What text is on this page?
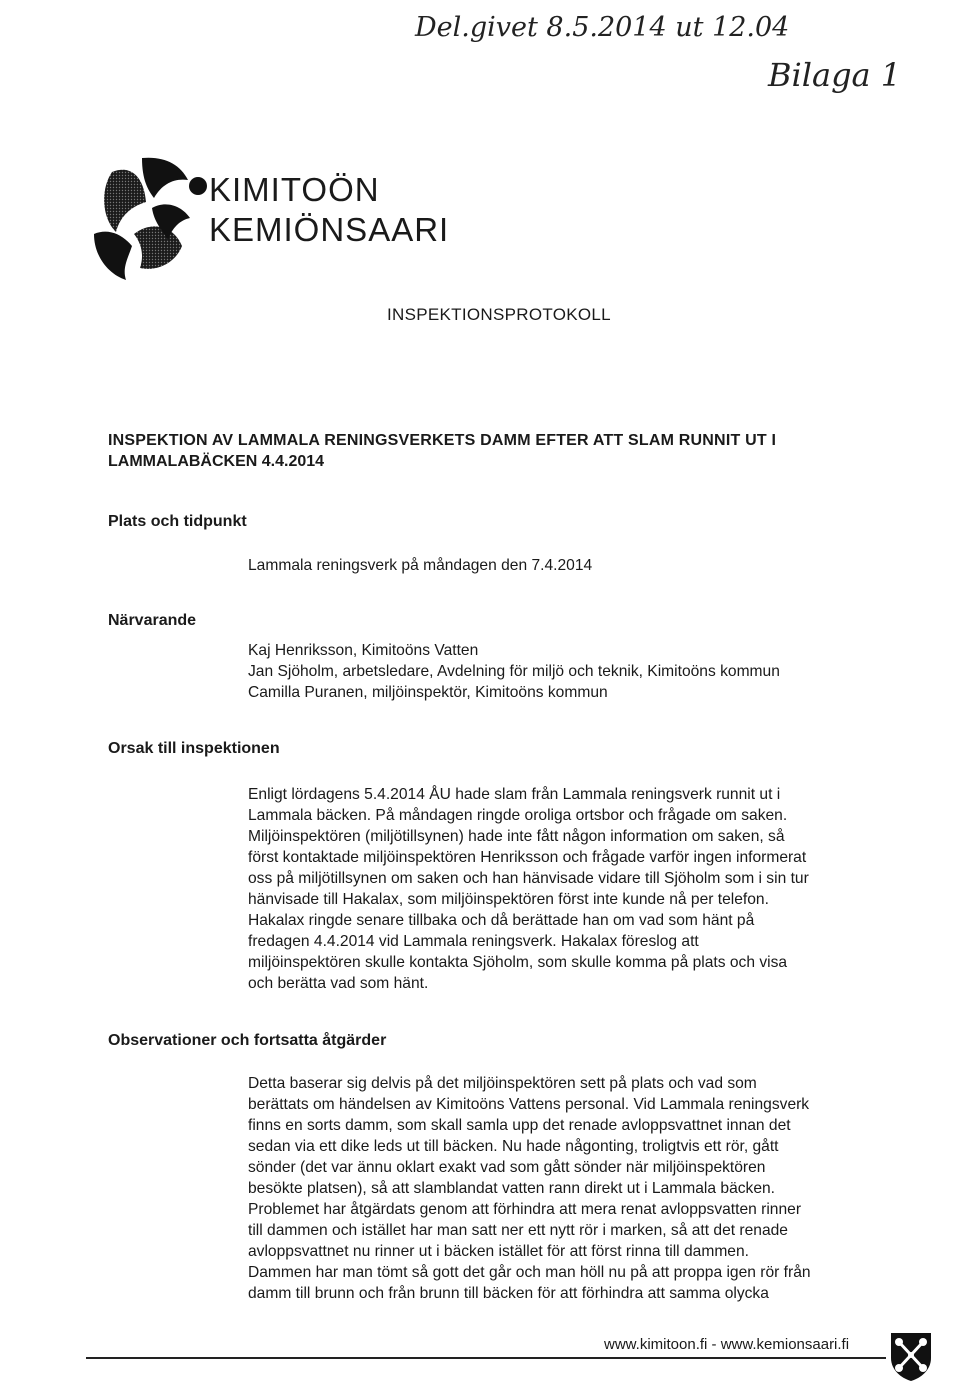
Del.givet 8.5.2014 ut 12.04
Bilaga 1
KIMITOÖN
KEMIÖNSAARI
INSPEKTIONSPROTOKOLL
INSPEKTION AV LAMMALA RENINGSVERKETS DAMM EFTER ATT SLAM RUNNIT UT I
LAMMALABÄCKEN 4.4.2014
Plats och tidpunkt
Lammala reningsverk på måndagen den 7.4.2014
Närvarande
Kaj Henriksson, Kimitoöns Vatten
Jan Sjöholm, arbetsledare, Avdelning för miljö och teknik, Kimitoöns kommun
Camilla Puranen, miljöinspektör, Kimitoöns kommun
Orsak till inspektionen
Enligt lördagens 5.4.2014 ÅU hade slam från Lammala reningsverk runnit ut i
Lammala bäcken. På måndagen ringde oroliga ortsbor och frågade om saken.
Miljöinspektören (miljötillsynen) hade inte fått någon information om saken, så
först kontaktade miljöinspektören Henriksson och frågade varför ingen informerat
oss på miljötillsynen om saken och han hänvisade vidare till Sjöholm som i sin tur
hänvisade till Hakalax, som miljöinspektören först inte kunde nå per telefon.
Hakalax ringde senare tillbaka och då berättade han om vad som hänt på
fredagen 4.4.2014 vid Lammala reningsverk. Hakalax föreslog att
miljöinspektören skulle kontakta Sjöholm, som skulle komma på plats och visa
och berätta vad som hänt.
Observationer och fortsatta åtgärder
Detta baserar sig delvis på det miljöinspektören sett på plats och vad som
berättats om händelsen av Kimitoöns Vattens personal. Vid Lammala reningsverk
finns en sorts damm, som skall samla upp det renade avloppsvattnet innan det
sedan via ett dike leds ut till bäcken. Nu hade någonting, troligtvis ett rör, gått
sönder (det var ännu oklart exakt vad som gått sönder när miljöinspektören
besökte platsen), så att slamblandat vatten rann direkt ut i Lammala bäcken.
Problemet har åtgärdats genom att förhindra att mera renat avloppsvatten rinner
till dammen och istället har man satt ner ett nytt rör i marken, så att det renade
avloppsvattnet nu rinner ut i bäcken istället för att först rinna till dammen.
Dammen har man tömt så gott det går och man höll nu på att proppa igen rör från
damm till brunn och från brunn till bäcken för att förhindra att samma olycka
www.kimitoon.fi - www.kemionsaari.fi
